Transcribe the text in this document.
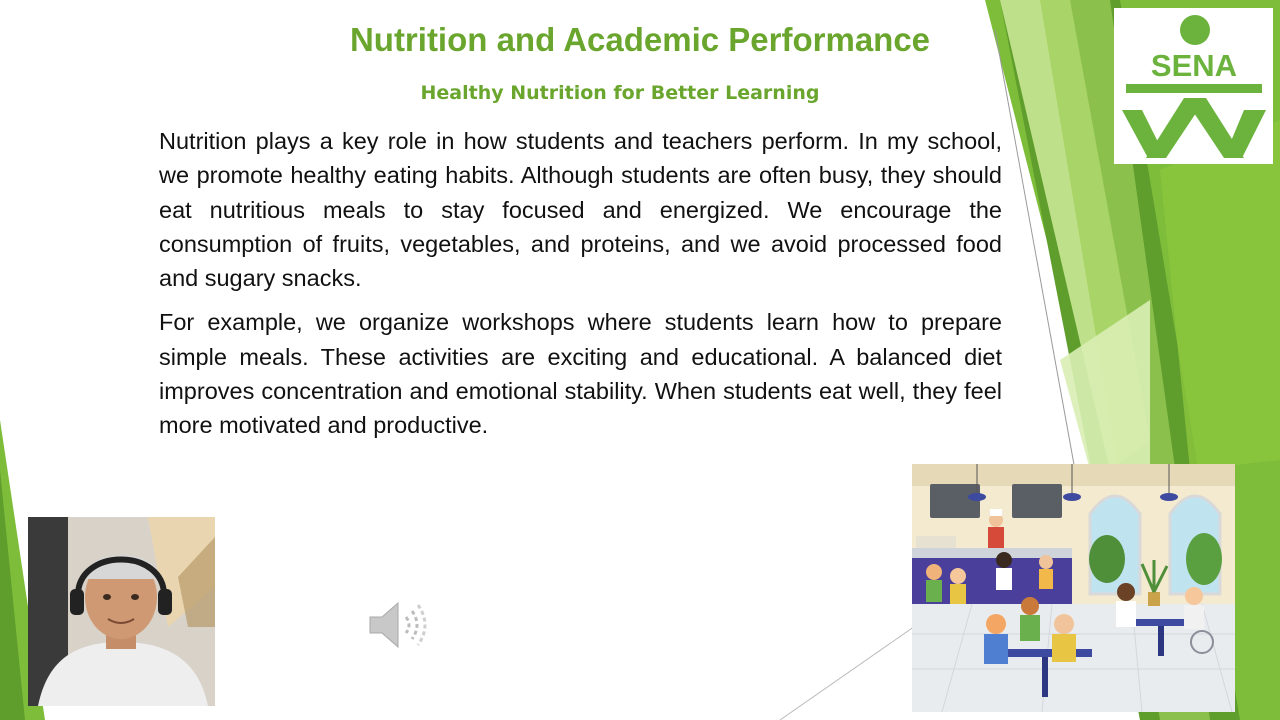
Nutrition and Academic Performance
Healthy Nutrition for Better Learning

Nutrition plays a key role in how students and teachers perform. In my school, we promote healthy eating habits. Although students are often busy, they should eat nutritious meals to stay focused and energized. We encourage the consumption of fruits, vegetables, and proteins, and we avoid processed food and sugary snacks.

For example, we organize workshops where students learn how to prepare simple meals. These activities are exciting and educational. A balanced diet improves concentration and emotional stability. When students eat well, they feel more motivated and productive.

SENA
